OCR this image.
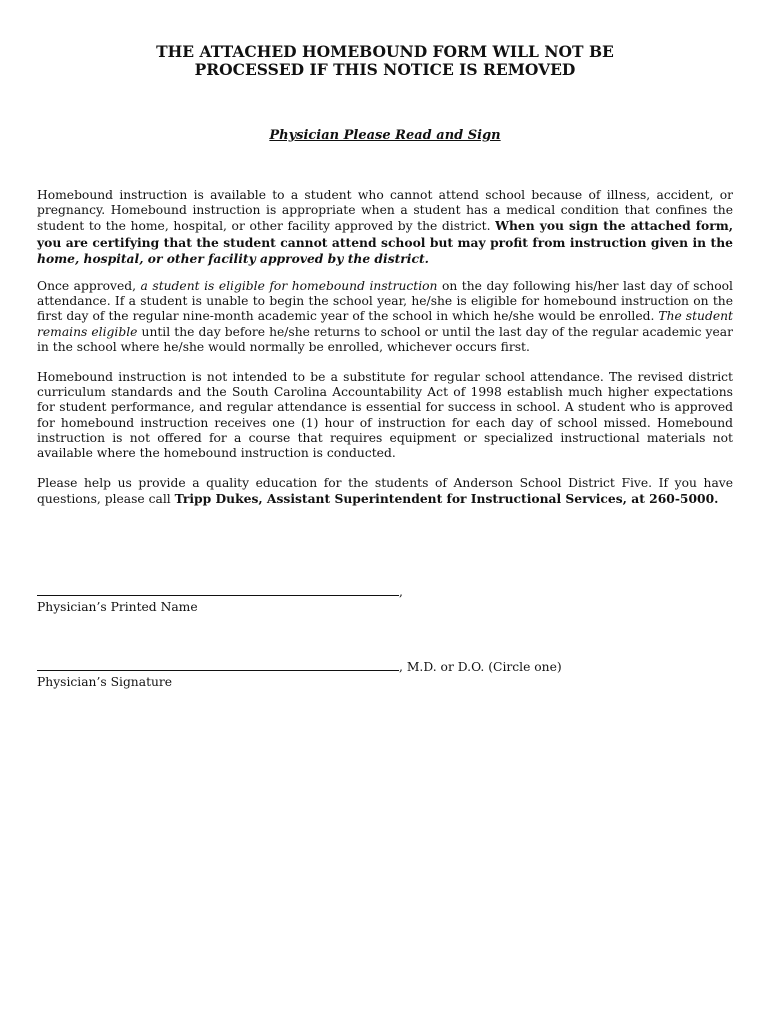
THE ATTACHED HOMEBOUND FORM WILL NOT BE
PROCESSED IF THIS NOTICE IS REMOVED
Physician Please Read and Sign
Homebound instruction is available to a student who cannot attend school because of illness, accident, or pregnancy. Homebound instruction is appropriate when a student has a medical condition that confines the student to the home, hospital, or other facility approved by the district. When you sign the attached form, you are certifying that the student cannot attend school but may profit from instruction given in the home, hospital, or other facility approved by the district.
Once approved, a student is eligible for homebound instruction on the day following his/her last day of school attendance. If a student is unable to begin the school year, he/she is eligible for homebound instruction on the first day of the regular nine-month academic year of the school in which he/she would be enrolled. The student remains eligible until the day before he/she returns to school or until the last day of the regular academic year in the school where he/she would normally be enrolled, whichever occurs first.
Homebound instruction is not intended to be a substitute for regular school attendance. The revised district curriculum standards and the South Carolina Accountability Act of 1998 establish much higher expectations for student performance, and regular attendance is essential for success in school. A student who is approved for homebound instruction receives one (1) hour of instruction for each day of school missed. Homebound instruction is not offered for a course that requires equipment or specialized instructional materials not available where the homebound instruction is conducted.
Please help us provide a quality education for the students of Anderson School District Five. If you have questions, please call Tripp Dukes, Assistant Superintendent for Instructional Services, at 260-5000.
,
Physician’s Printed Name
, M.D. or D.O. (Circle one)
Physician’s Signature
